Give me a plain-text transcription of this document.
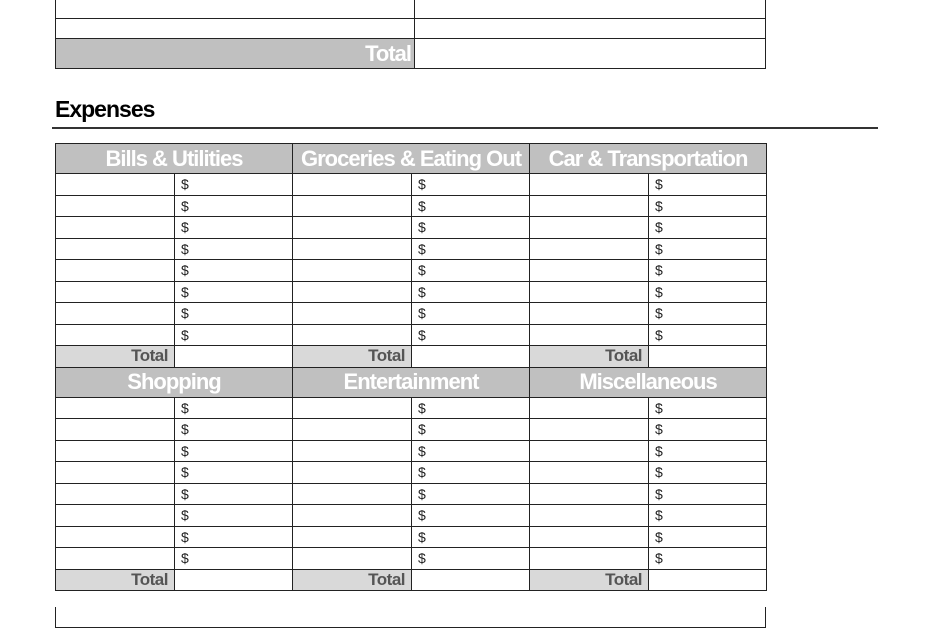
Total	
Expenses
Bills & Utilities		Groceries & Eating Out		Car & Transportation	
	$		$		$
	$		$		$
	$		$		$
	$		$		$
	$		$		$
	$		$		$
	$		$		$
	$		$		$
Total		Total		Total	
Shopping		Entertainment		Miscellaneous	
	$		$		$
	$		$		$
	$		$		$
	$		$		$
	$		$		$
	$		$		$
	$		$		$
	$		$		$
Total		Total		Total	
